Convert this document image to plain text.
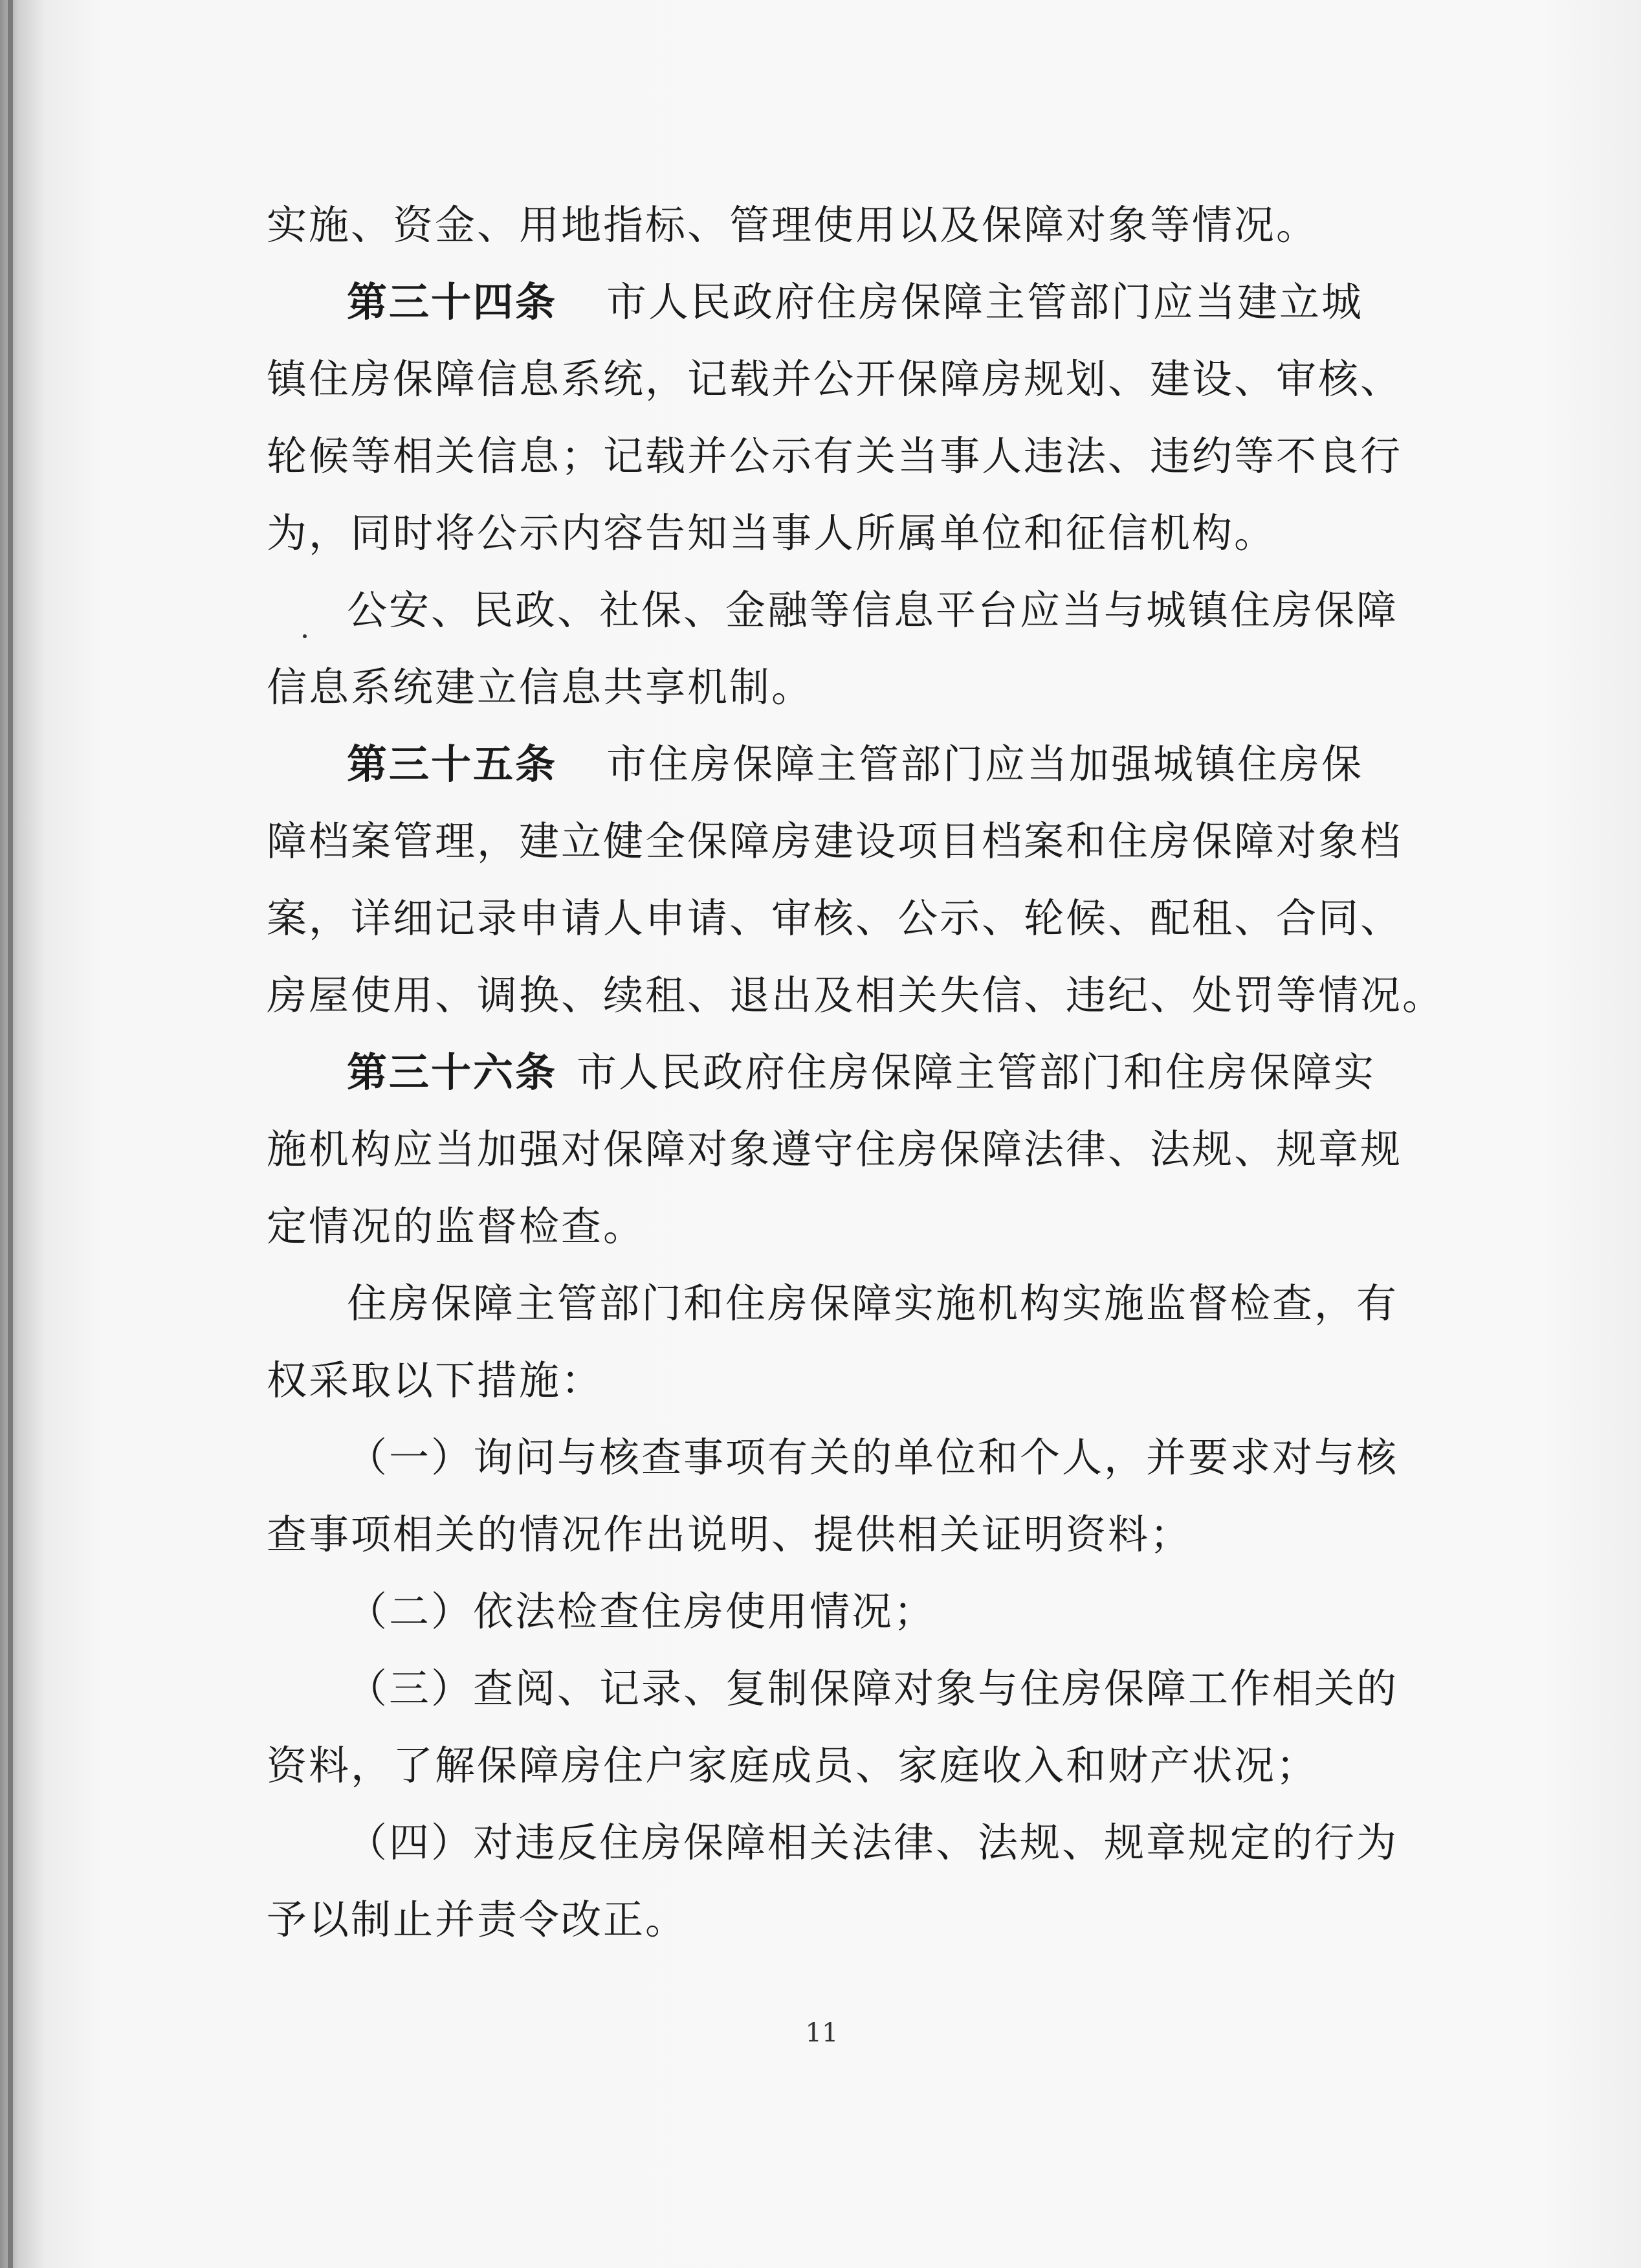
实施、资金、用地指标、管理使用以及保障对象等情况。
第三十四条 市人民政府住房保障主管部门应当建立城
镇住房保障信息系统，记载并公开保障房规划、建设、审核、
轮候等相关信息；记载并公示有关当事人违法、违约等不良行
为，同时将公示内容告知当事人所属单位和征信机构。
公安、民政、社保、金融等信息平台应当与城镇住房保障
信息系统建立信息共享机制。
第三十五条 市住房保障主管部门应当加强城镇住房保
障档案管理，建立健全保障房建设项目档案和住房保障对象档
案，详细记录申请人申请、审核、公示、轮候、配租、合同、
房屋使用、调换、续租、退出及相关失信、违纪、处罚等情况。
第三十六条 市人民政府住房保障主管部门和住房保障实
施机构应当加强对保障对象遵守住房保障法律、法规、规章规
定情况的监督检查。
住房保障主管部门和住房保障实施机构实施监督检查，有
权采取以下措施：
（一）询问与核查事项有关的单位和个人，并要求对与核
查事项相关的情况作出说明、提供相关证明资料；
（二）依法检查住房使用情况；
（三）查阅、记录、复制保障对象与住房保障工作相关的
资料，了解保障房住户家庭成员、家庭收入和财产状况；
（四）对违反住房保障相关法律、法规、规章规定的行为
予以制止并责令改正。
11
